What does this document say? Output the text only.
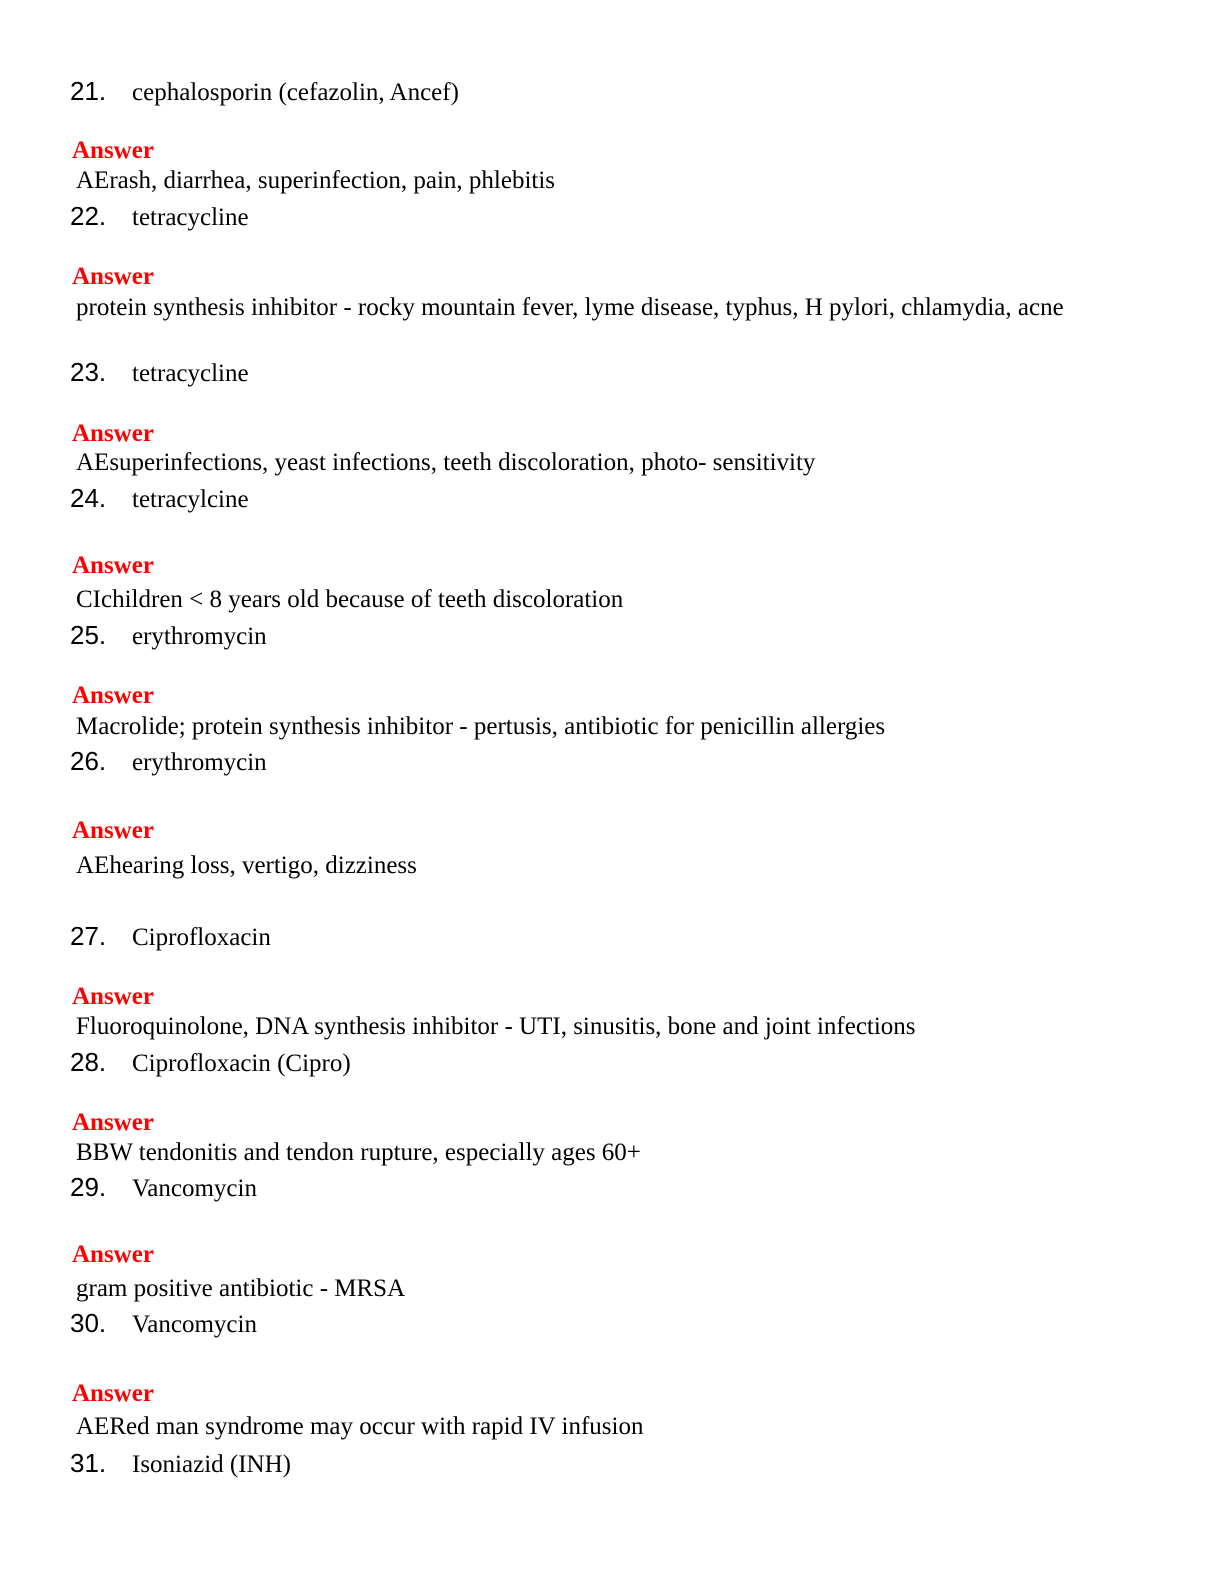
21. cephalosporin (cefazolin, Ancef)
Answer
AErash, diarrhea, superinfection, pain, phlebitis
22. tetracycline
Answer
protein synthesis inhibitor - rocky mountain fever, lyme disease, typhus, H pylori, chlamydia, acne
23. tetracycline
Answer
AEsuperinfections, yeast infections, teeth discoloration, photo- sensitivity
24. tetracylcine
Answer
CIchildren < 8 years old because of teeth discoloration
25. erythromycin
Answer
Macrolide; protein synthesis inhibitor - pertusis, antibiotic for penicillin allergies
26. erythromycin
Answer
AEhearing loss, vertigo, dizziness
27. Ciprofloxacin
Answer
Fluoroquinolone, DNA synthesis inhibitor - UTI, sinusitis, bone and joint infections
28. Ciprofloxacin (Cipro)
Answer
BBW tendonitis and tendon rupture, especially ages 60+
29. Vancomycin
Answer
gram positive antibiotic - MRSA
30. Vancomycin
Answer
AERed man syndrome may occur with rapid IV infusion
31. Isoniazid (INH)
